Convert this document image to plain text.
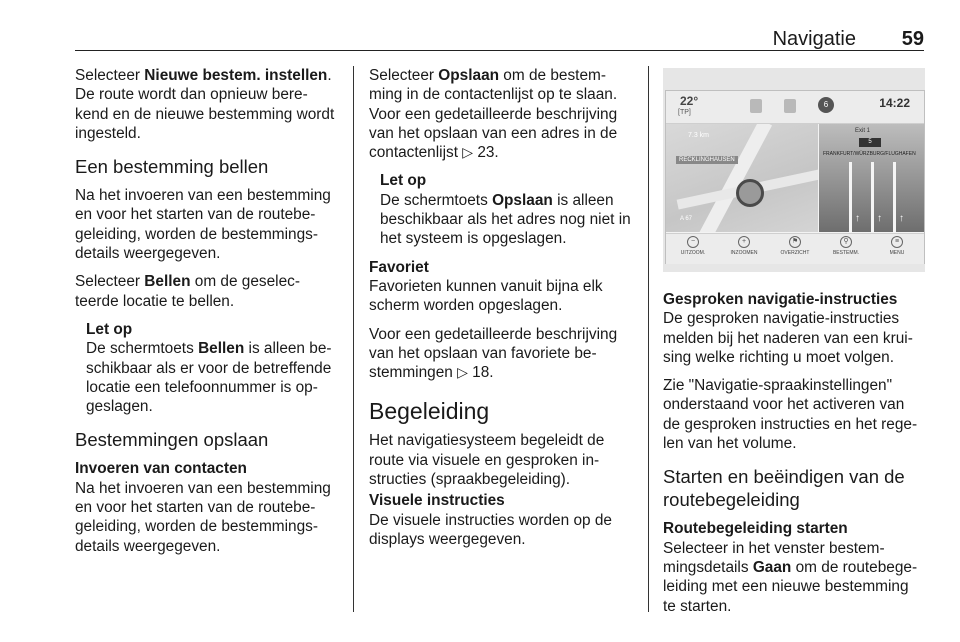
Navigatie 59

Selecteer Nieuwe bestem. instellen. De route wordt dan opnieuw bere-kend en de nieuwe bestemming wordt ingesteld.

Een bestemming bellen

Na het invoeren van een bestemming en voor het starten van de routebe-geleiding, worden de bestemmings-details weergegeven.

Selecteer Bellen om de geselec-teerde locatie te bellen.

Let op
De schermtoets Bellen is alleen be-schikbaar als er voor de betreffende locatie een telefoonnummer is op-geslagen.
Bestemmingen opslaan
Invoeren van contacten

Na het invoeren van een bestemming en voor het starten van de routebe-geleiding, worden de bestemmings-details weergegeven.

Selecteer Opslaan om de bestem-ming in de contactenlijst op te slaan. Voor een gedetailleerde beschrijving van het opslaan van een adres in de contactenlijst ▷ 23.

Let op
De schermtoets Opslaan is alleen beschikbaar als het adres nog niet in het systeem is opgeslagen.
Favoriet

Favorieten kunnen vanuit bijna elk scherm worden opgeslagen.

Voor een gedetailleerde beschrijving van het opslaan van favoriete be-stemmingen ▷ 18.

Begeleiding

Het navigatiesysteem begeleidt de route via visuele en gesproken in-structies (spraakbegeleiding).

Visuele instructies

De visuele instructies worden op de displays weergegeven.

22°
[TP]
6	14:22
7.3 km
RECKLINGHAUSEN
A 67
Exit 1
5
FRANKFURT/WÜRZBURG/FLUGHAFEN
↑ ↑ ↑
−
UITZOOM.
+
INZOOMEN
⚑
OVERZICHT
⚲
BESTEMM.
≡
MENU
Gesproken navigatie-instructies

De gesproken navigatie-instructies melden bij het naderen van een krui-sing welke richting u moet volgen.

Zie "Navigatie-spraakinstellingen" onderstaand voor het activeren van de gesproken instructies en het rege-len van het volume.

Starten en beëindigen van de routebegeleiding
Routebegeleiding starten

Selecteer in het venster bestem-mingsdetails Gaan om de routebege-leiding met een nieuwe bestemming te starten.
